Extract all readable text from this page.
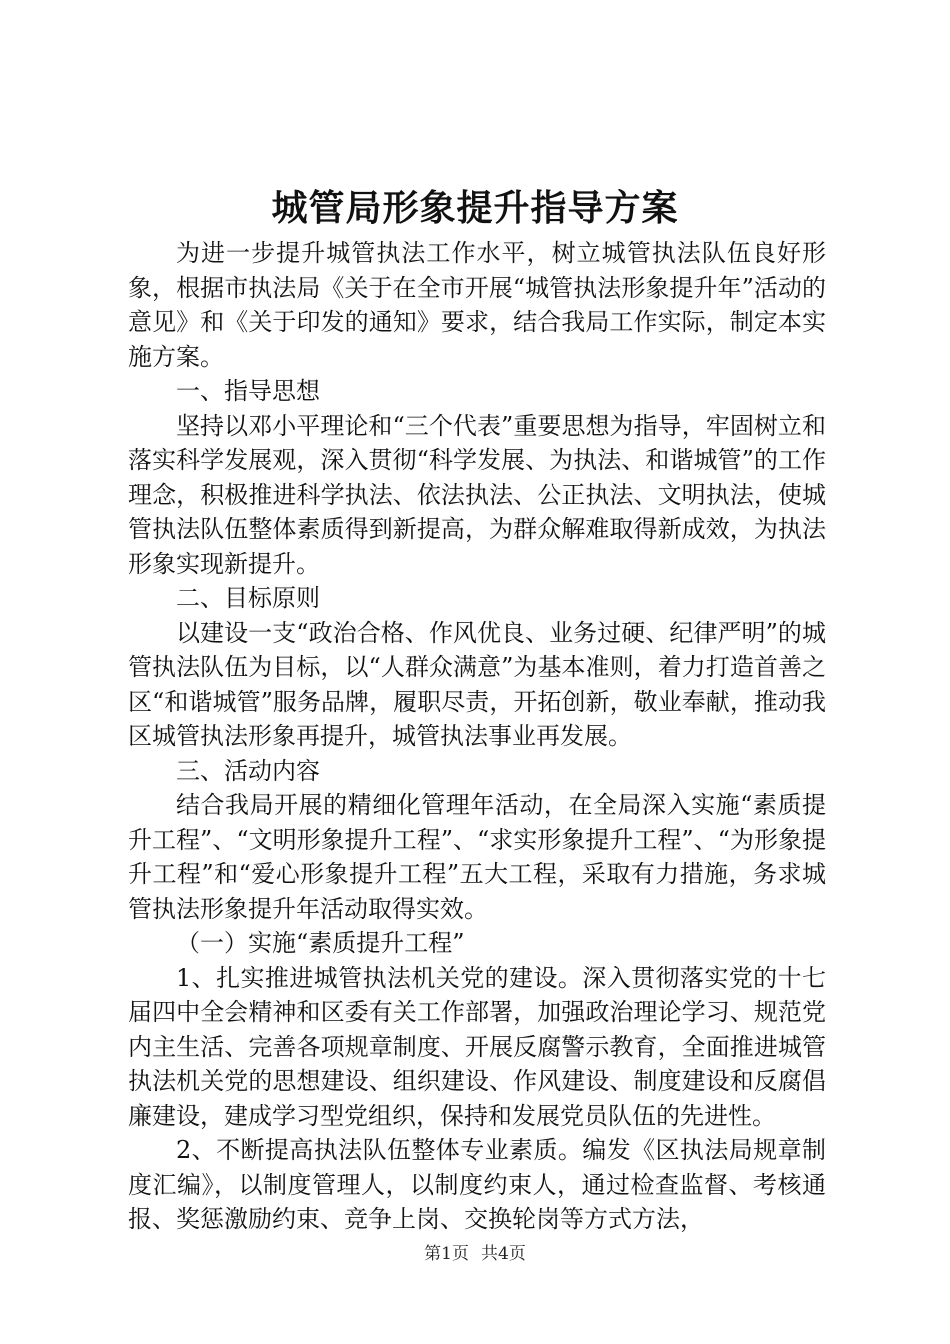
城管局形象提升指导方案

为进一步提升城管执法工作水平，树立城管执法队伍良好形象，根据市执法局《关于在全市开展“城管执法形象提升年”活动的意见》和《关于印发的通知》要求，结合我局工作实际，制定本实施方案。

一、指导思想

坚持以邓小平理论和“三个代表”重要思想为指导，牢固树立和落实科学发展观，深入贯彻“科学发展、为执法、和谐城管”的工作理念，积极推进科学执法、依法执法、公正执法、文明执法，使城管执法队伍整体素质得到新提高，为群众解难取得新成效，为执法形象实现新提升。

二、目标原则

以建设一支“政治合格、作风优良、业务过硬、纪律严明”的城管执法队伍为目标，以“人群众满意”为基本准则，着力打造首善之区“和谐城管”服务品牌，履职尽责，开拓创新，敬业奉献，推动我区城管执法形象再提升，城管执法事业再发展。

三、活动内容

结合我局开展的精细化管理年活动，在全局深入实施“素质提升工程”、“文明形象提升工程”、“求实形象提升工程”、“为形象提升工程”和“爱心形象提升工程”五大工程，采取有力措施，务求城管执法形象提升年活动取得实效。

（一）实施“素质提升工程”

1、扎实推进城管执法机关党的建设。深入贯彻落实党的十七届四中全会精神和区委有关工作部署，加强政治理论学习、规范党内主生活、完善各项规章制度、开展反腐警示教育，全面推进城管执法机关党的思想建设、组织建设、作风建设、制度建设和反腐倡廉建设，建成学习型党组织，保持和发展党员队伍的先进性。

2、不断提高执法队伍整体专业素质。编发《区执法局规章制度汇编》，以制度管理人，以制度约束人，通过检查监督、考核通报、奖惩激励约束、竞争上岗、交换轮岗等方式方法，

第1页 共4页
